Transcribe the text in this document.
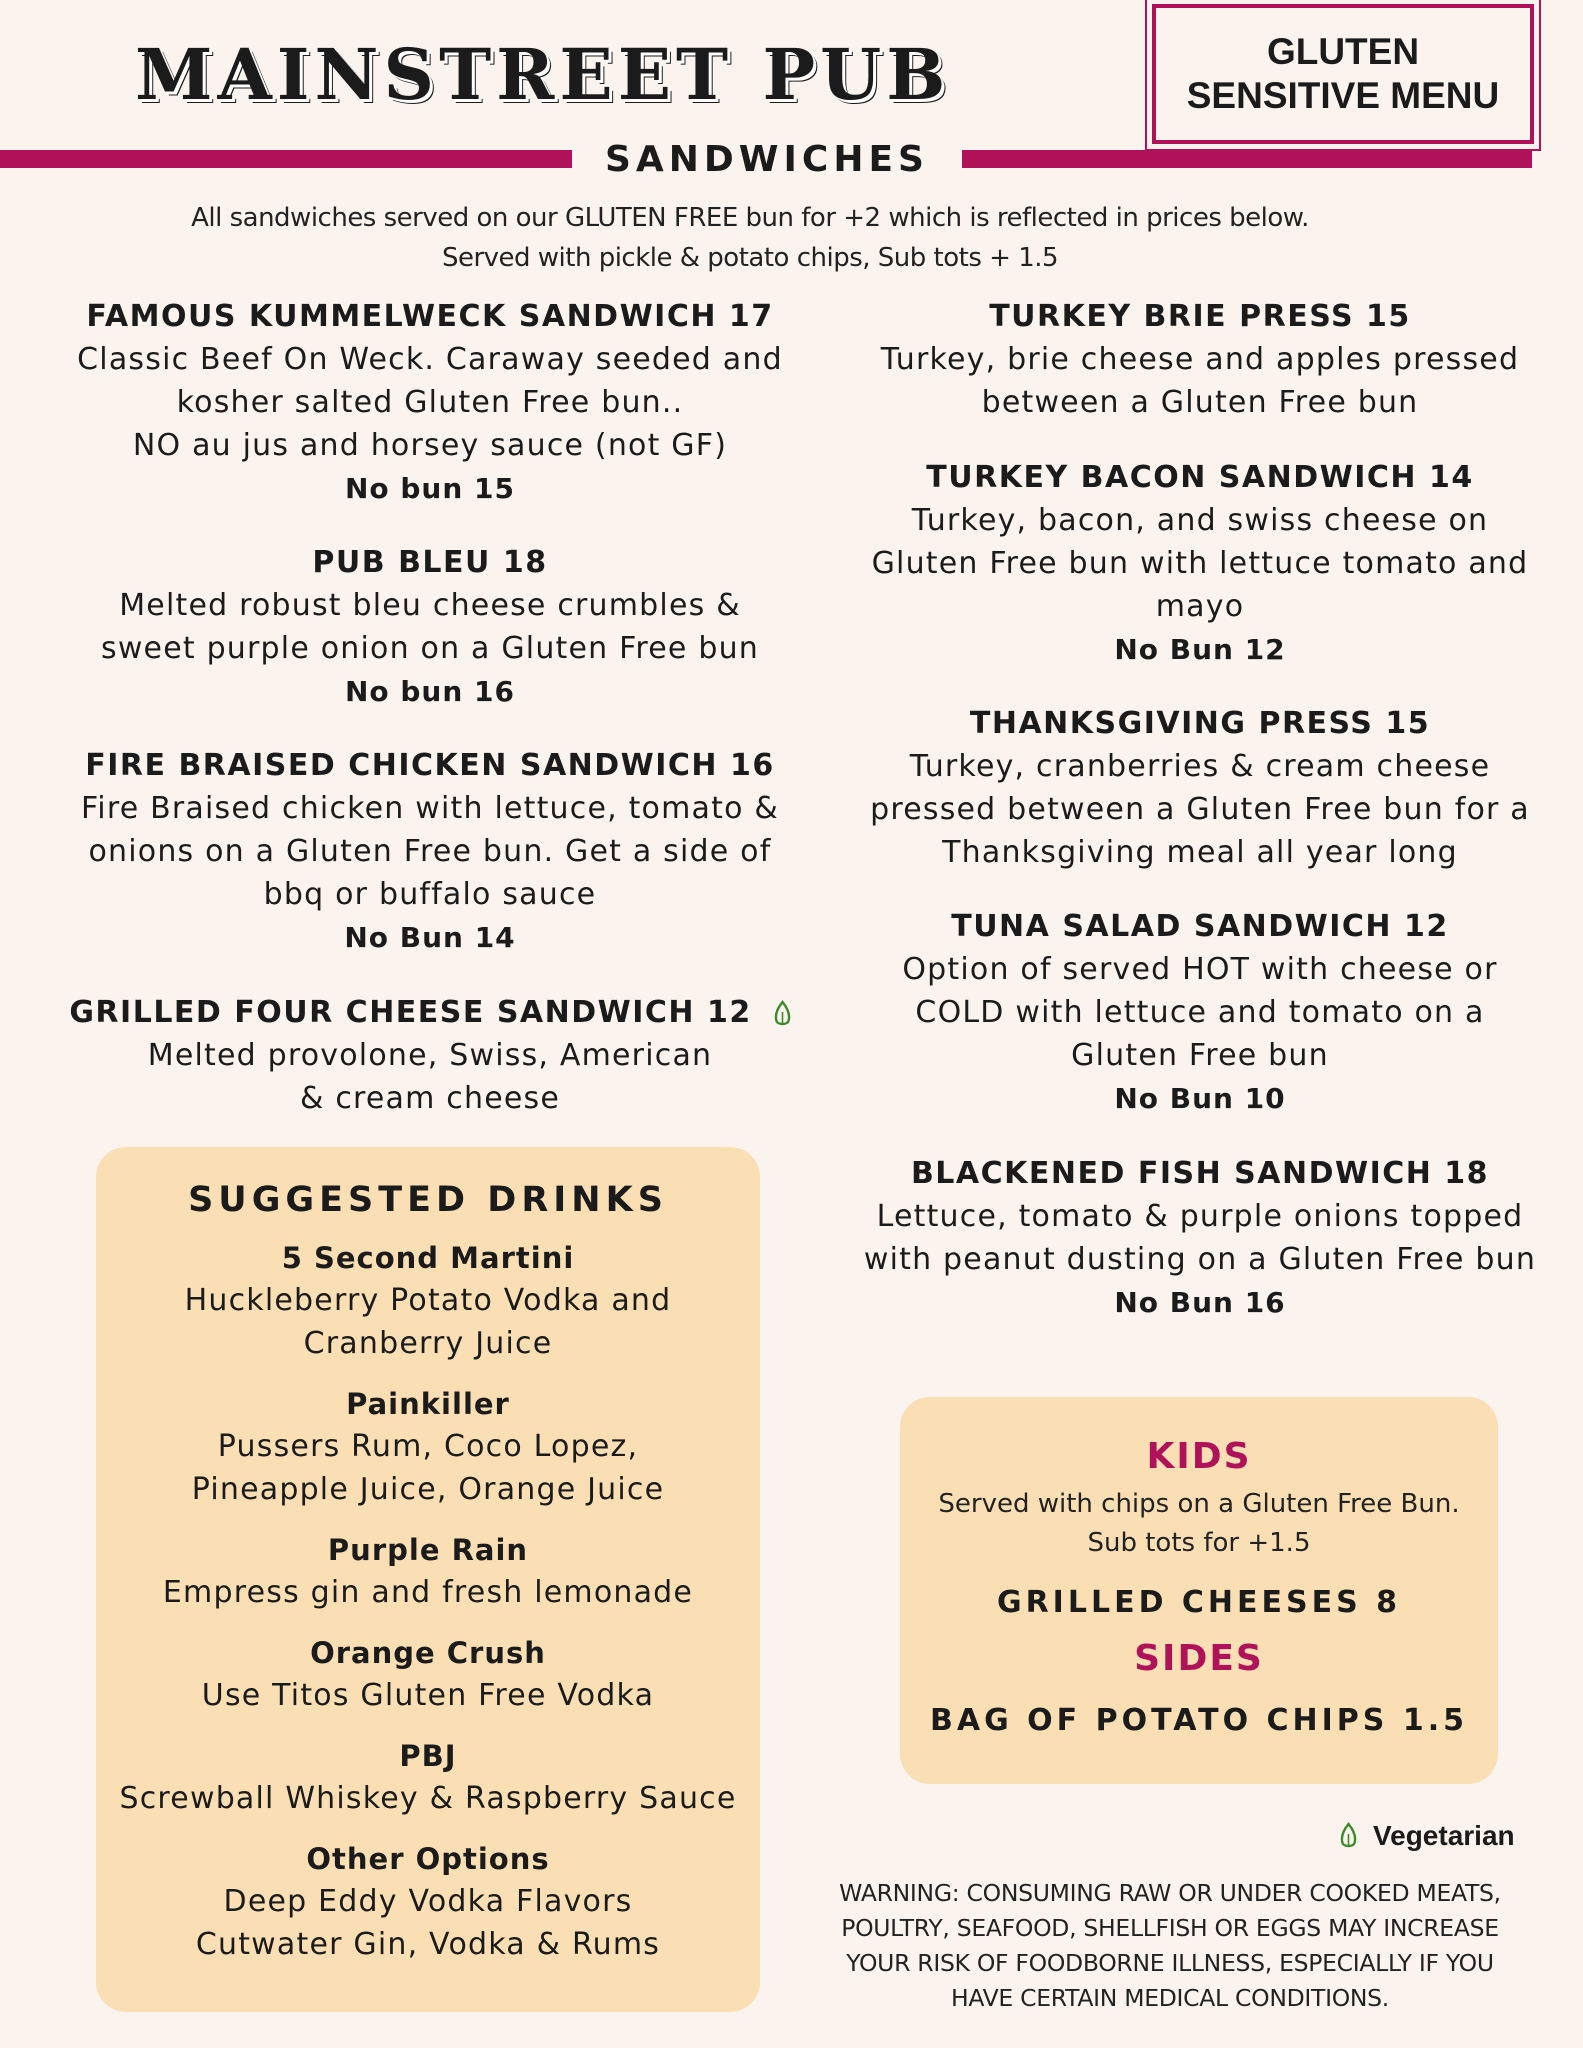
MAINSTREET PUB	GLUTEN
SENSITIVE MENU
SANDWICHES
All sandwiches served on our GLUTEN FREE bun for +2 which is reflected in prices below.
Served with pickle & potato chips, Sub tots + 1.5
FAMOUS KUMMELWECK SANDWICH 17
Classic Beef On Weck. Caraway seeded and
kosher salted Gluten Free bun..
NO au jus and horsey sauce (not GF)
No bun 15
PUB BLEU 18
Melted robust bleu cheese crumbles &
sweet purple onion on a Gluten Free bun
No bun 16
FIRE BRAISED CHICKEN SANDWICH 16
Fire Braised chicken with lettuce, tomato &
onions on a Gluten Free bun. Get a side of
bbq or buffalo sauce
No Bun 14
GRILLED FOUR CHEESE SANDWICH 12
Melted provolone, Swiss, American
& cream cheese
TURKEY BRIE PRESS 15
Turkey, brie cheese and apples pressed
between a Gluten Free bun
TURKEY BACON SANDWICH 14
Turkey, bacon, and swiss cheese on
Gluten Free bun with lettuce tomato and
mayo
No Bun 12
THANKSGIVING PRESS 15
Turkey, cranberries & cream cheese
pressed between a Gluten Free bun for a
Thanksgiving meal all year long
TUNA SALAD SANDWICH 12
Option of served HOT with cheese or
COLD with lettuce and tomato on a
Gluten Free bun
No Bun 10
BLACKENED FISH SANDWICH 18
Lettuce, tomato & purple onions topped
with peanut dusting on a Gluten Free bun
No Bun 16
SUGGESTED DRINKS
5 Second Martini
Huckleberry Potato Vodka and
Cranberry Juice
Painkiller
Pussers Rum, Coco Lopez,
Pineapple Juice, Orange Juice
Purple Rain
Empress gin and fresh lemonade
Orange Crush
Use Titos Gluten Free Vodka
PBJ
Screwball Whiskey & Raspberry Sauce
Other Options
Deep Eddy Vodka Flavors
Cutwater Gin, Vodka & Rums
KIDS
Served with chips on a Gluten Free Bun.
Sub tots for +1.5
GRILLED CHEESES 8
SIDES
BAG OF POTATO CHIPS 1.5
Vegetarian
WARNING: CONSUMING RAW OR UNDER COOKED MEATS,
POULTRY, SEAFOOD, SHELLFISH OR EGGS MAY INCREASE
YOUR RISK OF FOODBORNE ILLNESS, ESPECIALLY IF YOU
HAVE CERTAIN MEDICAL CONDITIONS.
